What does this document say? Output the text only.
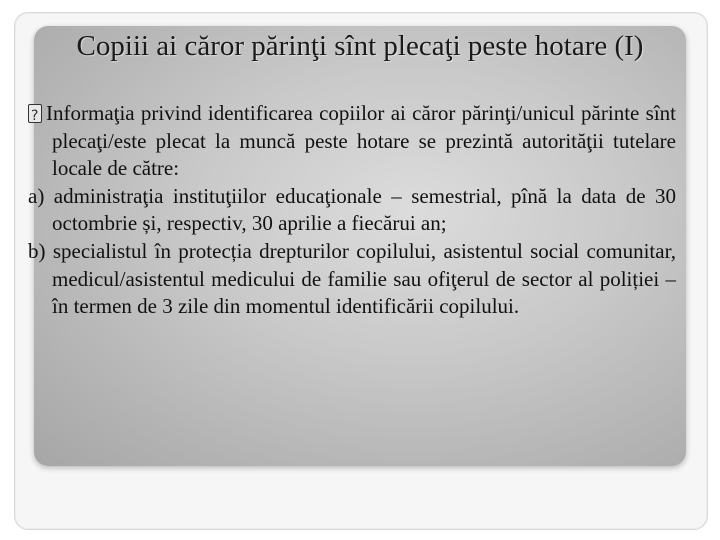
Copiii ai căror părinţi sînt plecaţi peste hotare (I)

?Informaţia privind identificarea copiilor ai căror părinţi/unicul părinte sînt plecaţi/este plecat la muncă peste hotare se prezintă autorităţii tutelare locale de către:

a) administraţia instituţiilor educaţionale – semestrial, pînă la data de 30 octombrie și, respectiv, 30 aprilie a fiecărui an;

b) specialistul în protecția drepturilor copilului, asistentul social comunitar, medicul/asistentul medicului de familie sau ofiţerul de sector al poliției – în termen de 3 zile din momentul identificării copilului.
